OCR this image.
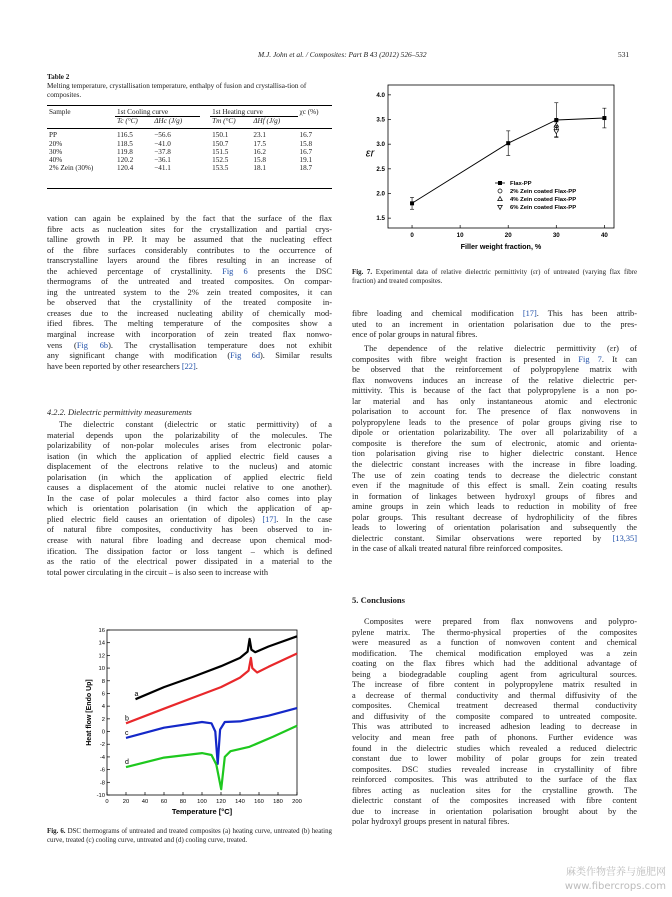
M.J. John et al. / Composites: Part B 43 (2012) 526–532	531
Table 2
Melting temperature, crystallisation temperature, enthalpy of fusion and crystallisa-tion of composites.
Sample	1st Cooling curve			1st Heating curve		χc (%)
	Tc (°C)	ΔHc (J/g)		Tm (°C)	ΔHf (J/g)	

PP	116.5	−56.6		150.1	23.1	16.7
20%	118.5	−41.0		150.7	17.5	15.8
30%	119.8	−37.8		151.5	16.2	16.7
40%	120.2	−36.1		152.5	15.8	19.1
2% Zein (30%)	120.4	−41.1		153.5	18.1	18.7
vation can again be explained by the fact that the surface of the flax
fibre acts as nucleation sites for the crystallization and partial crys-
talline growth in PP. It may be assumed that the nucleating effect
of the fibre surfaces considerably contributes to the occurrence of
transcrystalline layers around the fibres resulting in an increase of
the achieved percentage of crystallinity. Fig 6 presents the DSC
thermograms of the untreated and treated composites. On compar-
ing the untreated system to the 2% zein treated composites, it can
be observed that the crystallinity of the treated composite in-
creases due to the increased nucleating ability of chemically mod-
ified fibres. The melting temperature of the composites show a
marginal increase with incorporation of zein treated flax nonwo-
vens (Fig 6b). The crystallisation temperature does not exhibit
any significant change with modification (Fig 6d). Similar results
have been reported by other researchers [22].
4.2.2. Dielectric permittivity measurements
The dielectric constant (dielectric or static permittivity) of a
material depends upon the polarizability of the molecules. The
polarizability of non-polar molecules arises from electronic polar-
isation (in which the application of applied electric field causes a
displacement of the electrons relative to the nucleus) and atomic
polarisation (in which the application of applied electric field
causes a displacement of the atomic nuclei relative to one another).
In the case of polar molecules a third factor also comes into play
which is orientation polarisation (in which the application of ap-
plied electric field causes an orientation of dipoles) [17]. In the case
of natural fibre composites, conductivity has been observed to in-
crease with natural fibre loading and decrease upon chemical mod-
ification. The dissipation factor or loss tangent – which is defined
as the ratio of the electrical power dissipated in a material to the
total power circulating in the circuit – is also seen to increase with
0 20 40 60 80 100 120 140 160 180 200
-10
-8
-6
-4
-2
0
2
4
6
8
10
12
14
16
Temperature [°C]
Heat flow [Endo Up]	a
b
c
d
Fig. 6. DSC thermograms of untreated and treated composites (a) heating curve, untreated (b) heating curve, treated (c) cooling curve, untreated and (d) cooling curve, treated.
0	10	20	30	40
1.5
2.0
2.5
3.0
3.5
4.0
Filler weight fraction, %
εr
Flax-PP
2% Zein coated Flax-PP
4% Zein coated Flax-PP
6% Zein coated Flax-PP
Fig. 7. Experimental data of relative dielectric permittivity (εr) of untreated (varying flax fibre fraction) and treated composites.
fibre loading and chemical modification [17]. This has been attrib-
uted to an increment in orientation polarisation due to the pres-
ence of polar groups in natural fibres.
The dependence of the relative dielectric permittivity (εr) of
composites with fibre weight fraction is presented in Fig 7. It can
be observed that the reinforcement of polypropylene matrix with
flax nonwovens induces an increase of the relative dielectric per-
mittivity. This is because of the fact that polypropylene is a non po-
lar material and has only instantaneous atomic and electronic
polarisation to account for. The presence of flax nonwovens in
polypropylene leads to the presence of polar groups giving rise to
dipole or orientation polarizability. The over all polarizability of a
composite is therefore the sum of electronic, atomic and orienta-
tion polarisation giving rise to higher dielectric constant. Hence
the dielectric constant increases with the increase in fibre loading.
The use of zein coating tends to decrease the dielectric constant
even if the magnitude of this effect is small. Zein coating results
in formation of linkages between hydroxyl groups of fibres and
amine groups in zein which leads to reduction in mobility of free
polar groups. This resultant decrease of hydrophilicity of the fibres
leads to lowering of orientation polarisation and subsequently the
dielectric constant. Similar observations were reported by [13,35]
in the case of alkali treated natural fibre reinforced composites.
5. Conclusions
Composites were prepared from flax nonwovens and polypro-
pylene matrix. The thermo-physical properties of the composites
were measured as a function of nonwoven content and chemical
modification. The chemical modification employed was a zein
coating on the flax fibres which had the additional advantage of
being a biodegradable coupling agent from agricultural sources.
The increase of fibre content in polypropylene matrix resulted in
a decrease of thermal conductivity and thermal diffusivity of the
composites. Chemical treatment decreased thermal conductivity
and diffusivity of the composite compared to untreated composite.
This was attributed to increased adhesion leading to decrease in
velocity and mean free path of phonons. Further evidence was
found in the dielectric studies which revealed a reduced dielectric
constant due to lower mobility of polar groups for zein treated
composites. DSC studies revealed increase in crystallinity of fibre
reinforced composites. This was attributed to the surface of the flax
fibres acting as nucleation sites for the crystalline growth. The
dielectric constant of the composites increased with fibre content
due to increase in orientation polarisation brought about by the
polar hydroxyl groups present in natural fibres.
麻类作物营养与施肥网
www.fibercrops.com
